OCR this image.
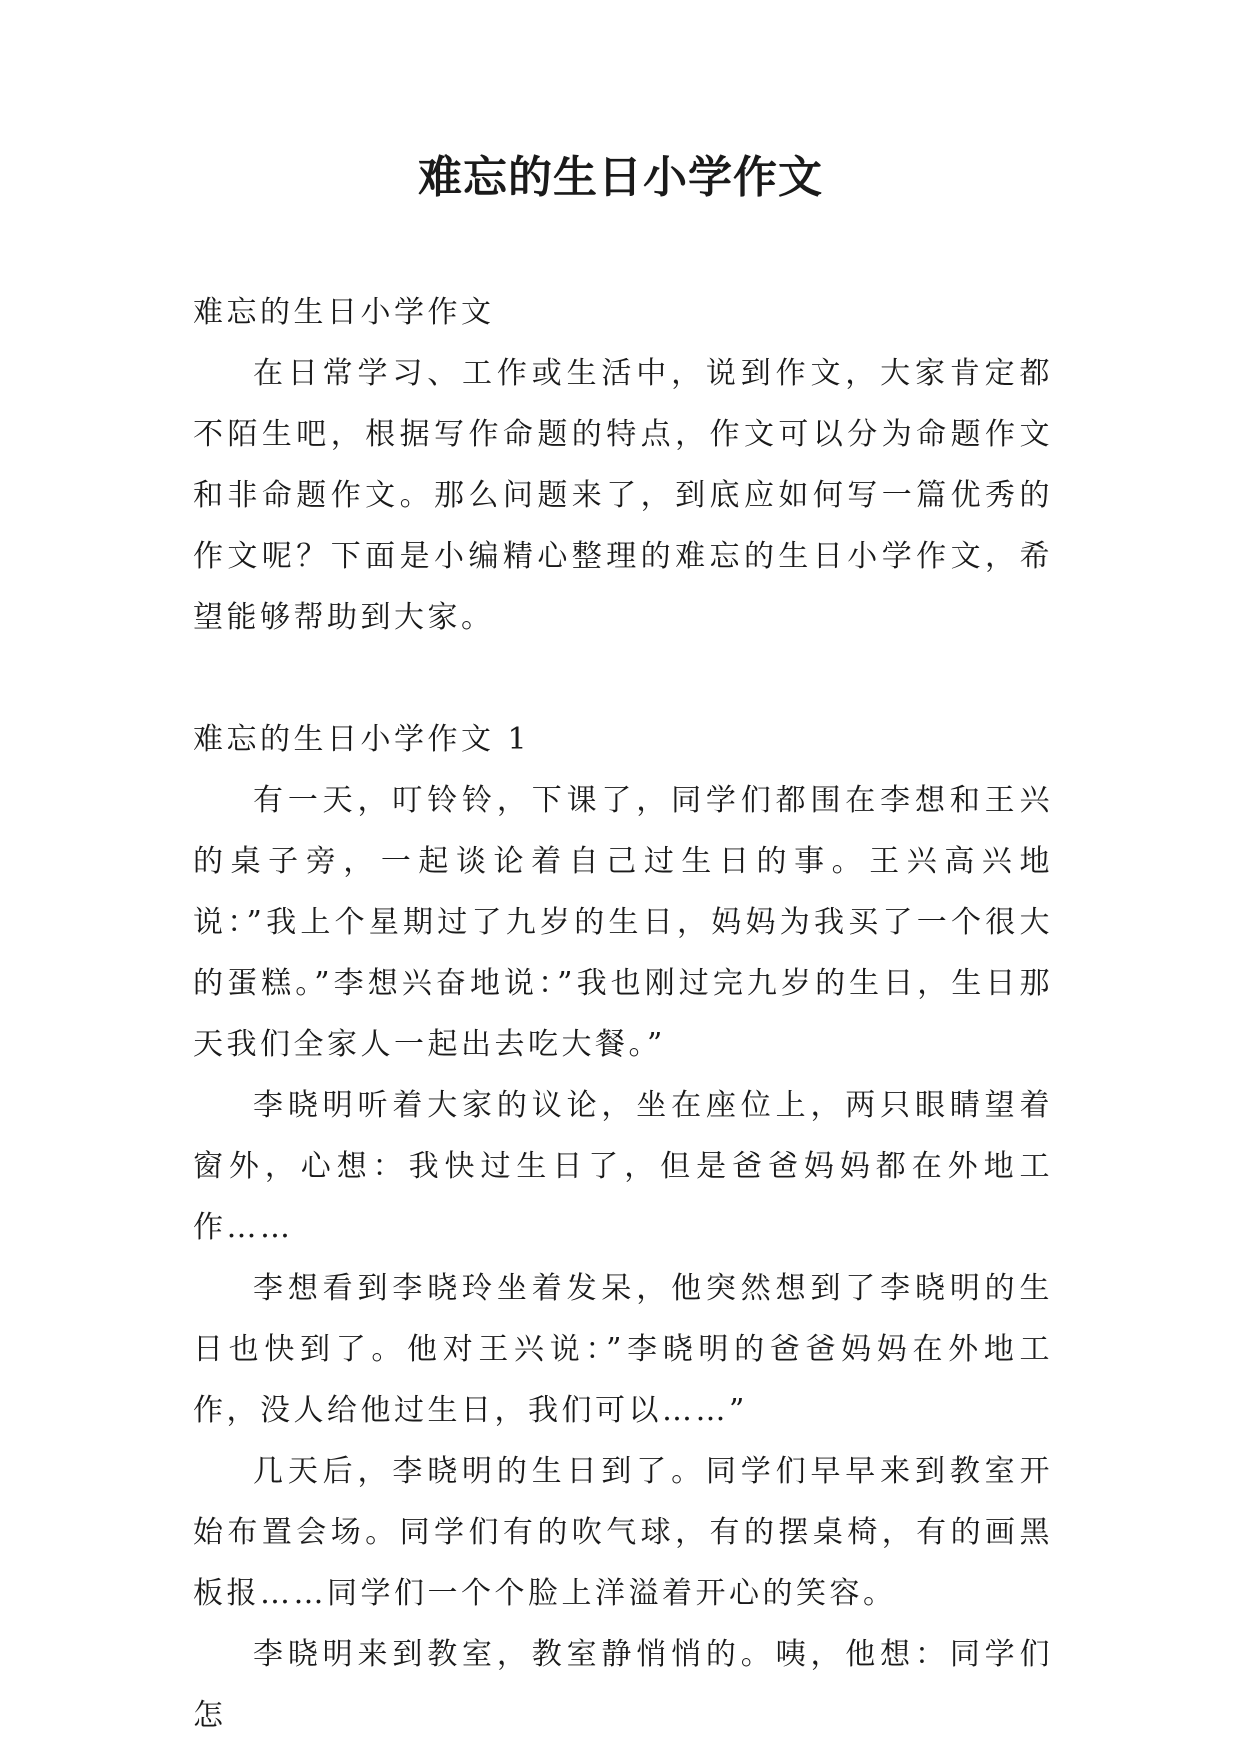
难忘的生日小学作文

难忘的生日小学作文

在日常学习、工作或生活中，说到作文，大家肯定都不陌生吧，根据写作命题的特点，作文可以分为命题作文和非命题作文。那么问题来了，到底应如何写一篇优秀的作文呢？下面是小编精心整理的难忘的生日小学作文，希望能够帮助到大家。

难忘的生日小学作文 1

有一天，叮铃铃，下课了，同学们都围在李想和王兴的桌子旁，一起谈论着自己过生日的事。王兴高兴地说：”我上个星期过了九岁的生日，妈妈为我买了一个很大的蛋糕。”李想兴奋地说：”我也刚过完九岁的生日，生日那天我们全家人一起出去吃大餐。”

李晓明听着大家的议论，坐在座位上，两只眼睛望着窗外，心想：我快过生日了，但是爸爸妈妈都在外地工作……

李想看到李晓玲坐着发呆，他突然想到了李晓明的生日也快到了。他对王兴说：”李晓明的爸爸妈妈在外地工作，没人给他过生日，我们可以……”

几天后，李晓明的生日到了。同学们早早来到教室开始布置会场。同学们有的吹气球，有的摆桌椅，有的画黑板报……同学们一个个脸上洋溢着开心的笑容。

李晓明来到教室，教室静悄悄的。咦，他想：同学们怎
